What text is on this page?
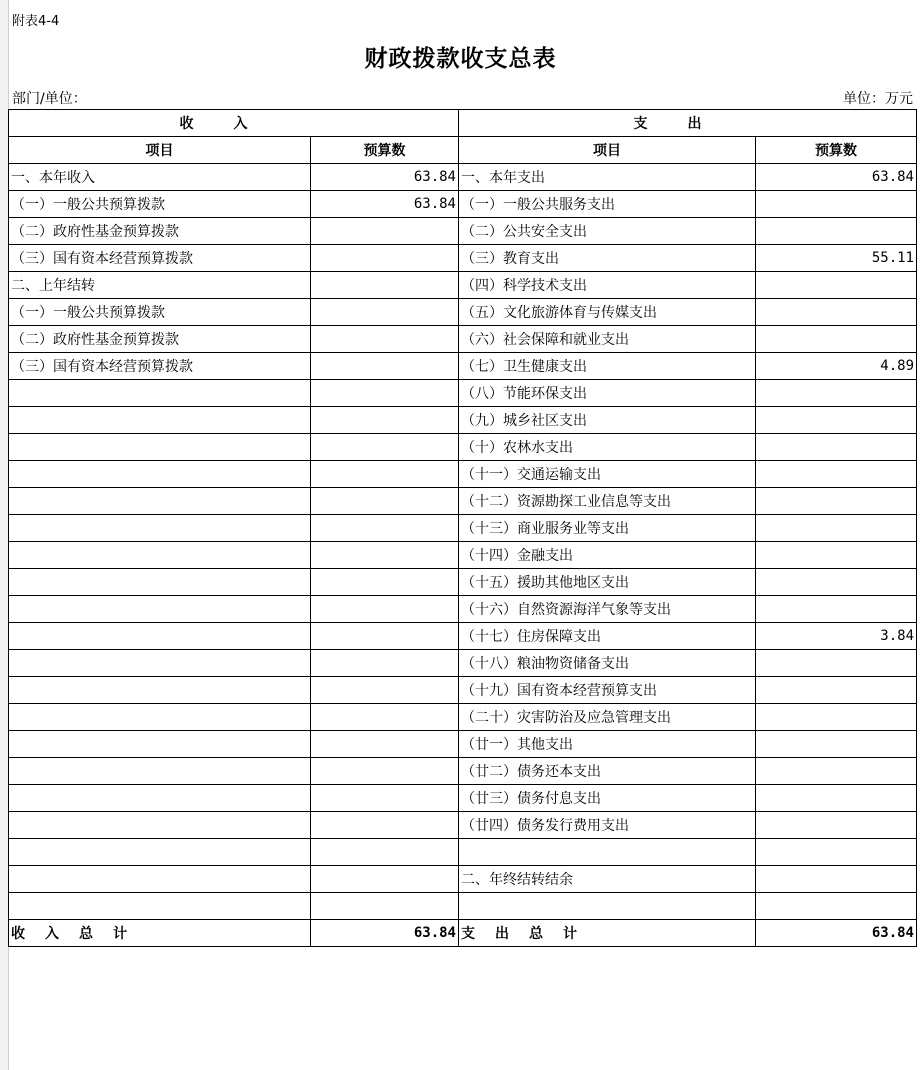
附表4-4
财政拨款收支总表
部门/单位：	单位：万元
收入		支出	
项目	预算数	项目	预算数
一、本年收入	63.84	一、本年支出	63.84
（一）一般公共预算拨款	63.84	（一）一般公共服务支出	
（二）政府性基金预算拨款		（二）公共安全支出	
（三）国有资本经营预算拨款		（三）教育支出	55.11
二、上年结转		（四）科学技术支出	
（一）一般公共预算拨款		（五）文化旅游体育与传媒支出	
（二）政府性基金预算拨款		（六）社会保障和就业支出	
（三）国有资本经营预算拨款		（七）卫生健康支出	4.89
		（八）节能环保支出	
		（九）城乡社区支出	
		（十）农林水支出	
		（十一）交通运输支出	
		（十二）资源勘探工业信息等支出	
		（十三）商业服务业等支出	
		（十四）金融支出	
		（十五）援助其他地区支出	
		（十六）自然资源海洋气象等支出	
		（十七）住房保障支出	3.84
		（十八）粮油物资储备支出	
		（十九）国有资本经营预算支出	
		（二十）灾害防治及应急管理支出	
		（廿一）其他支出	
		（廿二）债务还本支出	
		（廿三）债务付息支出	
		（廿四）债务发行费用支出	

		二、年终结转结余	

收入总计	63.84	支出总计	63.84
